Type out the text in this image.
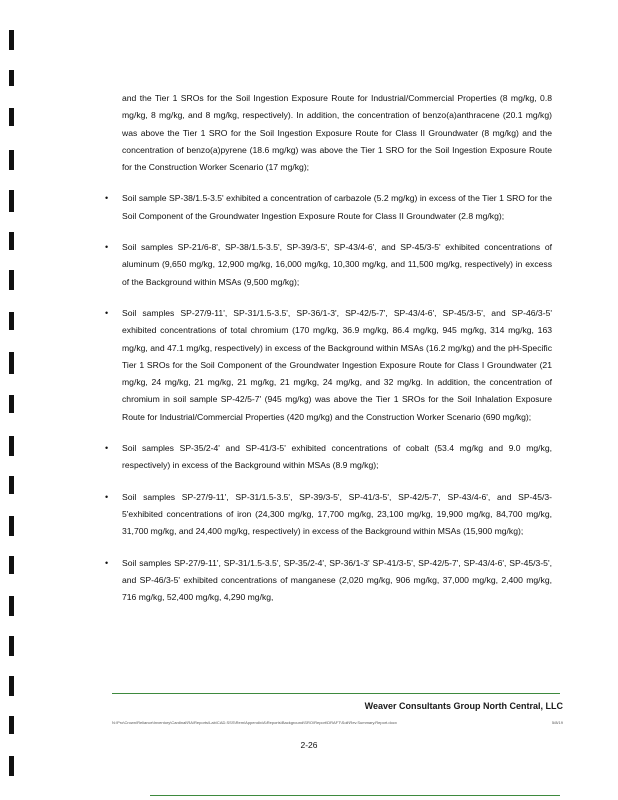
and the Tier 1 SROs for the Soil Ingestion Exposure Route for Industrial/Commercial Properties (8 mg/kg, 0.8 mg/kg, 8 mg/kg, and 8 mg/kg, respectively). In addition, the concentration of benzo(a)anthracene (20.1 mg/kg) was above the Tier 1 SRO for the Soil Ingestion Exposure Route for Class II Groundwater (8 mg/kg) and the concentration of benzo(a)pyrene (18.6 mg/kg) was above the Tier 1 SRO for the Soil Ingestion Exposure Route for the Construction Worker Scenario (17 mg/kg);

• Soil sample SP-38/1.5-3.5' exhibited a concentration of carbazole (5.2 mg/kg) in excess of the Tier 1 SRO for the Soil Component of the Groundwater Ingestion Exposure Route for Class II Groundwater (2.8 mg/kg);
• Soil samples SP-21/6-8', SP-38/1.5-3.5', SP-39/3-5', SP-43/4-6', and SP-45/3-5' exhibited concentrations of aluminum (9,650 mg/kg, 12,900 mg/kg, 16,000 mg/kg, 10,300 mg/kg, and 11,500 mg/kg, respectively) in excess of the Background within MSAs (9,500 mg/kg);
• Soil samples SP-27/9-11', SP-31/1.5-3.5', SP-36/1-3', SP-42/5-7', SP-43/4-6', SP-45/3-5', and SP-46/3-5' exhibited concentrations of total chromium (170 mg/kg, 36.9 mg/kg, 86.4 mg/kg, 945 mg/kg, 314 mg/kg, 163 mg/kg, and 47.1 mg/kg, respectively) in excess of the Background within MSAs (16.2 mg/kg) and the pH-Specific Tier 1 SROs for the Soil Component of the Groundwater Ingestion Exposure Route for Class I Groundwater (21 mg/kg, 24 mg/kg, 21 mg/kg, 21 mg/kg, 21 mg/kg, 24 mg/kg, and 32 mg/kg. In addition, the concentration of chromium in soil sample SP-42/5-7' (945 mg/kg) was above the Tier 1 SROs for the Soil Inhalation Exposure Route for Industrial/Commercial Properties (420 mg/kg) and the Construction Worker Scenario (690 mg/kg);
• Soil samples SP-35/2-4' and SP-41/3-5' exhibited concentrations of cobalt (53.4 mg/kg and 9.0 mg/kg, respectively) in excess of the Background within MSAs (8.9 mg/kg);
• Soil samples SP-27/9-11', SP-31/1.5-3.5', SP-39/3-5', SP-41/3-5', SP-42/5-7', SP-43/4-6', and SP-45/3-5'exhibited concentrations of iron (24,300 mg/kg, 17,700 mg/kg, 23,100 mg/kg, 19,900 mg/kg, 84,700 mg/kg, 31,700 mg/kg, and 24,400 mg/kg, respectively) in excess of the Background within MSAs (15,900 mg/kg);
• Soil samples SP-27/9-11', SP-31/1.5-3.5', SP-35/2-4', SP-36/1-3' SP-41/3-5', SP-42/5-7', SP-43/4-6', SP-45/3-5', and SP-46/3-5' exhibited concentrations of manganese (2,020 mg/kg, 906 mg/kg, 37,000 mg/kg, 2,400 mg/kg, 716 mg/kg, 52,400 mg/kg, 4,290 mg/kg,
Weaver Consultants Group North Central, LLC
N:\Pro\Crown\Reliance\Inventory\Cardinal\RA\Reports\Lab\CAD.SSS\Rem\Appendix\A\Reports\Background\SRO\Report\DRAFT\Soil\Rev.Summary.Report.docx	5/8/19
2-26
